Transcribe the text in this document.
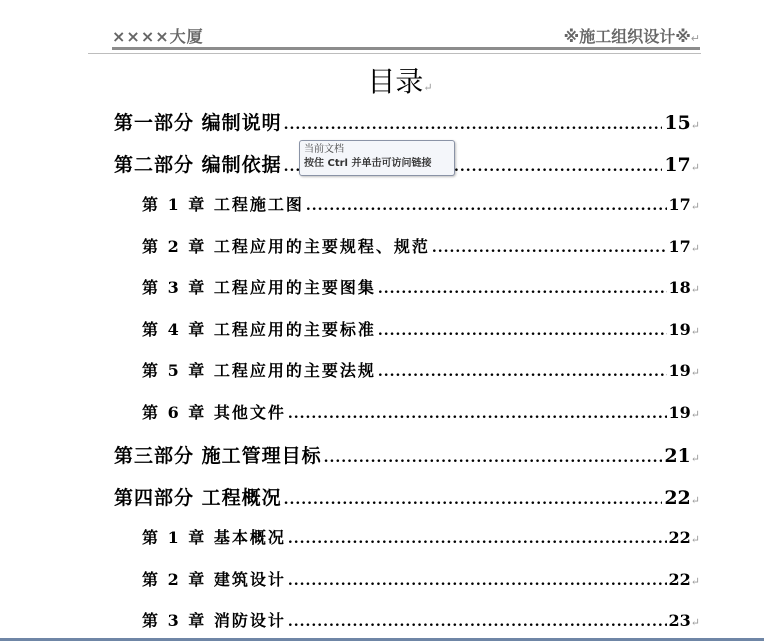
××××大厦	※施工组织设计※↵
目录↵
第一部分 编制说明 .....	15 ↵
第二部分 编制依据 .....	17 ↵
第 1 章 工程施工图 .....	17 ↵
第 2 章 工程应用的主要规程、规范 .....	17 ↵
第 3 章 工程应用的主要图集 .....	18 ↵
第 4 章 工程应用的主要标准 .....	19 ↵
第 5 章 工程应用的主要法规 .....	19 ↵
第 6 章 其他文件 .....	19 ↵
第三部分 施工管理目标 .....	21 ↵
第四部分 工程概况 .....	22 ↵
第 1 章 基本概况 .....	22 ↵
第 2 章 建筑设计 .....	22 ↵
第 3 章 消防设计 .....	23 ↵
当前文档
按住 Ctrl 并单击可访问链接
